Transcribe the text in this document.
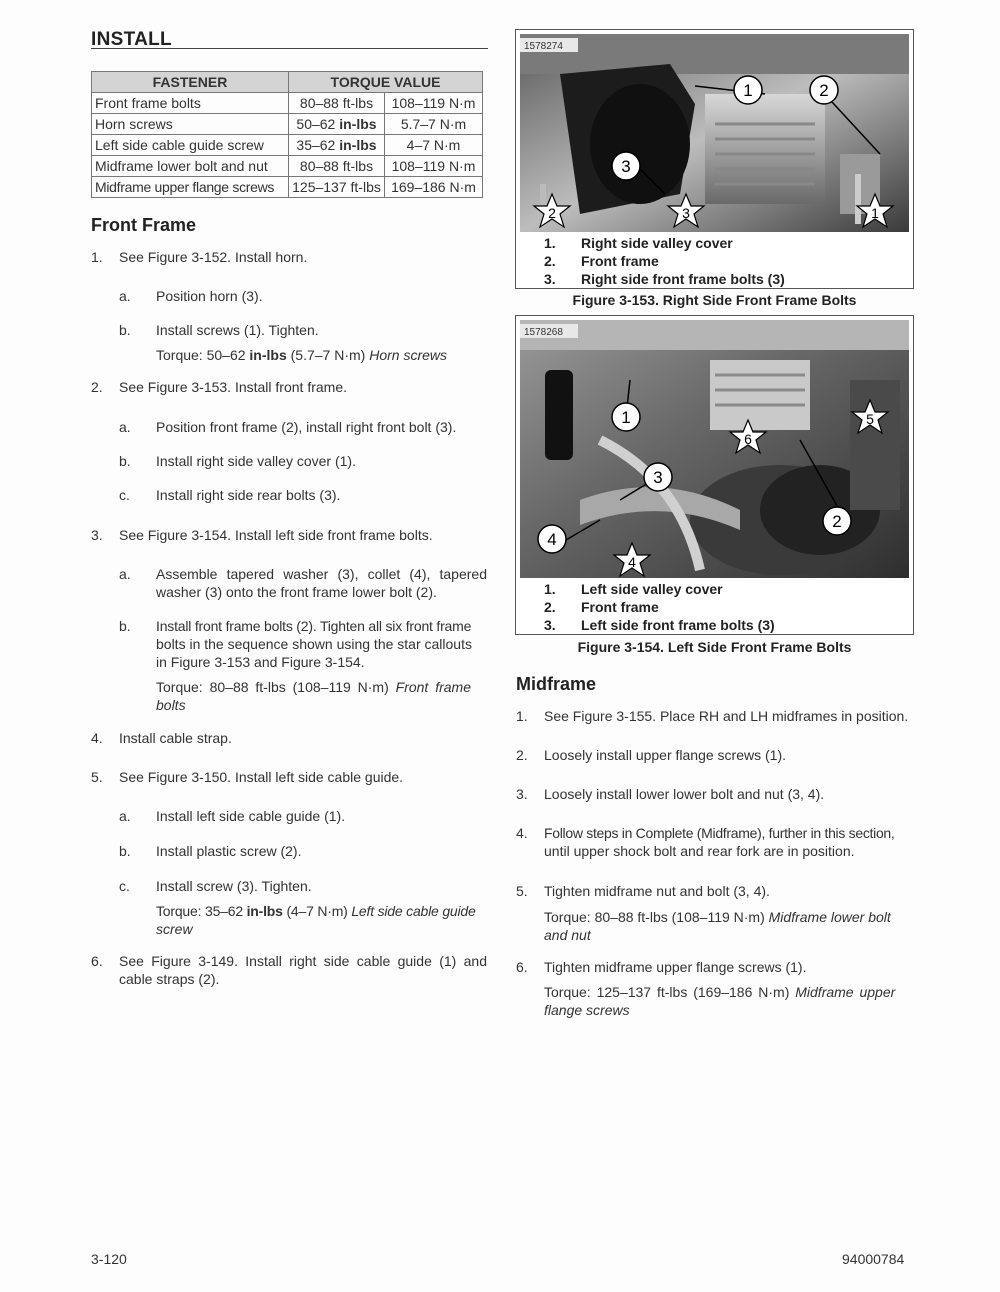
INSTALL
FASTENER	TORQUE VALUE	
Front frame bolts	80–88 ft-lbs	108–119 N·m
Horn screws	50–62 in-lbs	5.7–7 N·m
Left side cable guide screw	35–62 in-lbs	4–7 N·m
Midframe lower bolt and nut	80–88 ft-lbs	108–119 N·m
Midframe upper flange screws	125–137 ft-lbs	169–186 N·m
Front Frame
1. See Figure 3-152. Install horn.
a. Position horn (3).
b. Install screws (1). Tighten.
Torque: 50–62 in-lbs (5.7–7 N·m) Horn screws
2. See Figure 3-153. Install front frame.
a. Position front frame (2), install right front bolt (3).
b. Install right side valley cover (1).
c. Install right side rear bolts (3).
3. See Figure 3-154. Install left side front frame bolts.
a. Assemble tapered washer (3), collet (4), tapered
washer (3) onto the front frame lower bolt (2).
b. Install front frame bolts (2). Tighten all six front frame
bolts in the sequence shown using the star callouts
in Figure 3-153 and Figure 3-154.
Torque: 80–88 ft-lbs (108–119 N·m) Front frame
bolts
4. Install cable strap.
5. See Figure 3-150. Install left side cable guide.
a. Install left side cable guide (1).
b. Install plastic screw (2).
c. Install screw (3). Tighten.
Torque: 35–62 in-lbs (4–7 N·m) Left side cable guide
screw
6. See Figure 3-149. Install right side cable guide (1) and
cable straps (2).
1578274
1	2
3
2	3	1
1. Right side valley cover
2. Front frame
3. Right side front frame bolts (3)
Figure 3-153. Right Side Front Frame Bolts
1578268
1
3
2
4
6
5
4
1. Left side valley cover
2. Front frame
3. Left side front frame bolts (3)
Figure 3-154. Left Side Front Frame Bolts
Midframe
1. See Figure 3-155. Place RH and LH midframes in position.
2. Loosely install upper flange screws (1).
3. Loosely install lower lower bolt and nut (3, 4).
4. Follow steps in Complete (Midframe), further in this section,
until upper shock bolt and rear fork are in position.
5. Tighten midframe nut and bolt (3, 4).
Torque: 80–88 ft-lbs (108–119 N·m) Midframe lower bolt
and nut
6. Tighten midframe upper flange screws (1).
Torque: 125–137 ft-lbs (169–186 N·m) Midframe upper
flange screws
3-120	94000784
